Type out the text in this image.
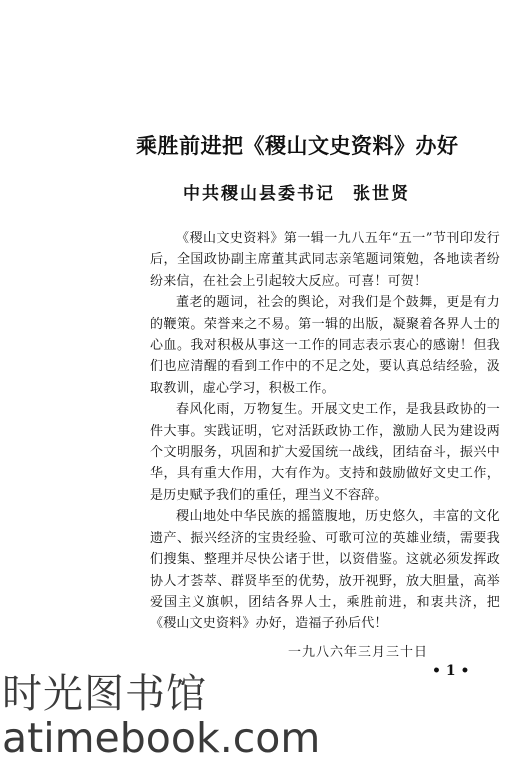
乘胜前进把《稷山文史资料》办好
中共稷山县委书记 张世贤

《稷山文史资料》第一辑一九八五年“五一”节刊印发行后，全国政协副主席董其武同志亲笔题词策勉，各地读者纷纷来信，在社会上引起较大反应。可喜！可贺！

董老的题词，社会的舆论，对我们是个鼓舞，更是有力的鞭策。荣誉来之不易。第一辑的出版，凝聚着各界人士的心血。我对积极从事这一工作的同志表示衷心的感谢！但我们也应清醒的看到工作中的不足之处，要认真总结经验，汲取教训，虚心学习，积极工作。

春风化雨，万物复生。开展文史工作，是我县政协的一件大事。实践证明，它对活跃政协工作，激励人民为建设两个文明服务，巩固和扩大爱国统一战线，团结奋斗，振兴中华，具有重大作用，大有作为。支持和鼓励做好文史工作，是历史赋予我们的重任，理当义不容辞。

稷山地处中华民族的摇篮腹地，历史悠久，丰富的文化遗产、振兴经济的宝贵经验、可歌可泣的英雄业绩，需要我们搜集、整理并尽快公诸于世，以资借鉴。这就必须发挥政协人才荟萃、群贤毕至的优势，放开视野，放大胆量，高举爱国主义旗帜，团结各界人士，乘胜前进，和衷共济，把《稷山文史资料》办好，造福子孙后代！

一九八六年三月三十日
• 1 •
时光图书馆
atimebook.com
